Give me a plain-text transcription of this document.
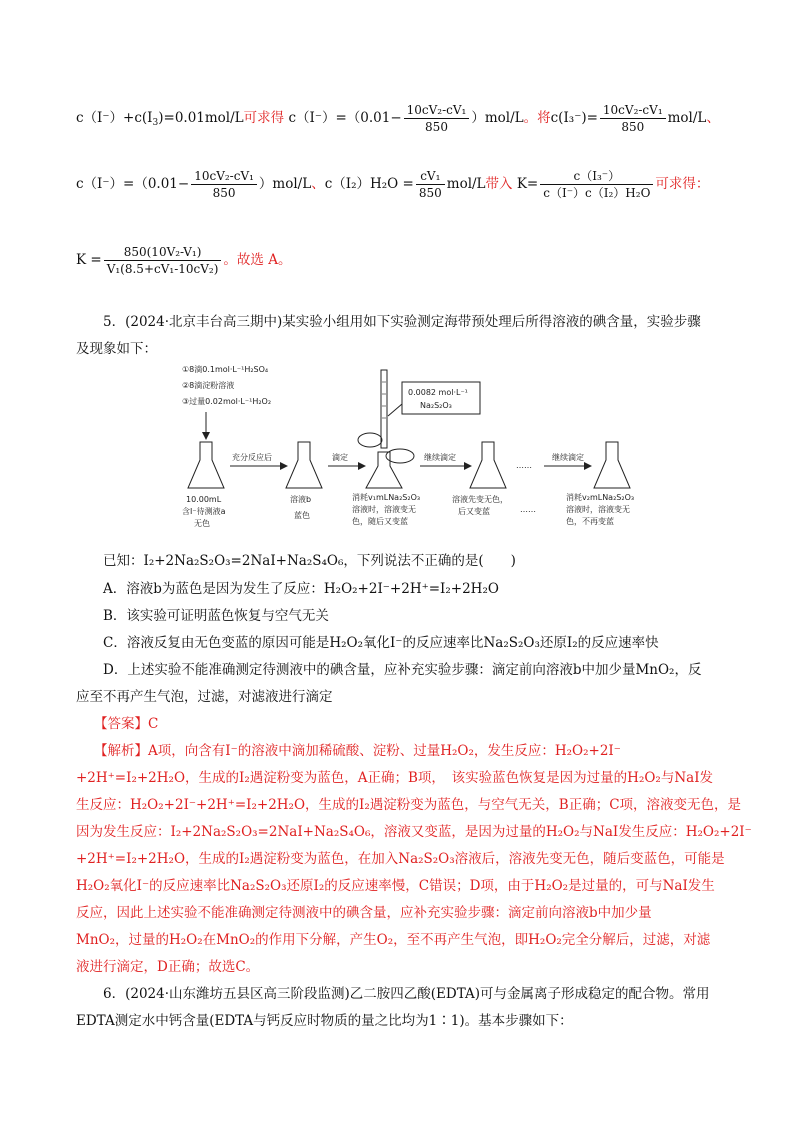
$c(I^-)+c(I_3)=0.01mol/L$可求得 $c(I^-)=(0.01- \frac{\text{10cV₂-cV₁}}{850} )mol/L$。将$c(I_3^-)= \frac{\text{10cV₂-cV₁}}{850} mol/L$、
$c(I^-)=(0.01- \frac{\text{10cV₂-cV₁}}{850} )mol/L$、$c(I_2)H_2O = \frac{\text{cV₁}}{850} mol/L$带入 $K= \frac{\text{c（I₃⁻）}}{\text{c（I⁻）c（I₂）H₂O}}$ 可求得：
$K = \frac{\text{850(10V₂-V₁)}}{\text{V₁(8.5+cV₁-10cV₂)}}$ 。故选 A。
5．(2024·北京丰台高三期中)某实验小组用如下实验测定海带预处理后所得溶液的碘含量，实验步骤
及现象如下：
①8滴0.1mol·L⁻¹H₂SO₄
②8滴淀粉溶液
③过量0.02mol·L⁻¹H₂O₂
10.00mL
含I⁻待测液a
无色
充分反应后
溶液b
蓝色
滴定
0.0082 mol·L⁻¹
Na₂S₂O₃
消耗v₁mLNa₂S₂O₃
溶液时，溶液变无
色，随后又变蓝
继续滴定
溶液先变无色，
后又变蓝
……
继续滴定
……
消耗v₂mLNa₂S₂O₃
溶液时，溶液变无
色，不再变蓝
已知：I₂+2Na₂S₂O₃=2NaI+Na₂S₄O₆，下列说法不正确的是(　　)
A．溶液b为蓝色是因为发生了反应：H₂O₂+2I⁻+2H⁺=I₂+2H₂O
B．该实验可证明蓝色恢复与空气无关
C．溶液反复由无色变蓝的原因可能是H₂O₂氧化I⁻的反应速率比Na₂S₂O₃还原I₂的反应速率快
D．上述实验不能准确测定待测液中的碘含量，应补充实验步骤：滴定前向溶液b中加少量MnO₂，反
应至不再产生气泡，过滤，对滤液进行滴定
【答案】C
【解析】A项，向含有I⁻的溶液中滴加稀硫酸、淀粉、过量H₂O₂，发生反应：H₂O₂+2I⁻
+2H⁺=I₂+2H₂O，生成的I₂遇淀粉变为蓝色，A正确；B项，　该实验蓝色恢复是因为过量的H₂O₂与NaI发
生反应：H₂O₂+2I⁻+2H⁺=I₂+2H₂O，生成的I₂遇淀粉变为蓝色，与空气无关，B正确；C项，溶液变无色，是
因为发生反应：I₂+2Na₂S₂O₃=2NaI+Na₂S₄O₆，溶液又变蓝，是因为过量的H₂O₂与NaI发生反应：H₂O₂+2I⁻
+2H⁺=I₂+2H₂O，生成的I₂遇淀粉变为蓝色，在加入Na₂S₂O₃溶液后，溶液先变无色，随后变蓝色，可能是
H₂O₂氧化I⁻的反应速率比Na₂S₂O₃还原I₂的反应速率慢，C错误；D项，由于H₂O₂是过量的，可与NaI发生
反应，因此上述实验不能准确测定待测液中的碘含量，应补充实验步骤：滴定前向溶液b中加少量
MnO₂，过量的H₂O₂在MnO₂的作用下分解，产生O₂，至不再产生气泡，即H₂O₂完全分解后，过滤，对滤
液进行滴定，D正确；故选C。
6．(2024·山东潍坊五县区高三阶段监测)乙二胺四乙酸(EDTA)可与金属离子形成稳定的配合物。常用
EDTA测定水中钙含量(EDTA与钙反应时物质的量之比均为1∶1)。基本步骤如下：
